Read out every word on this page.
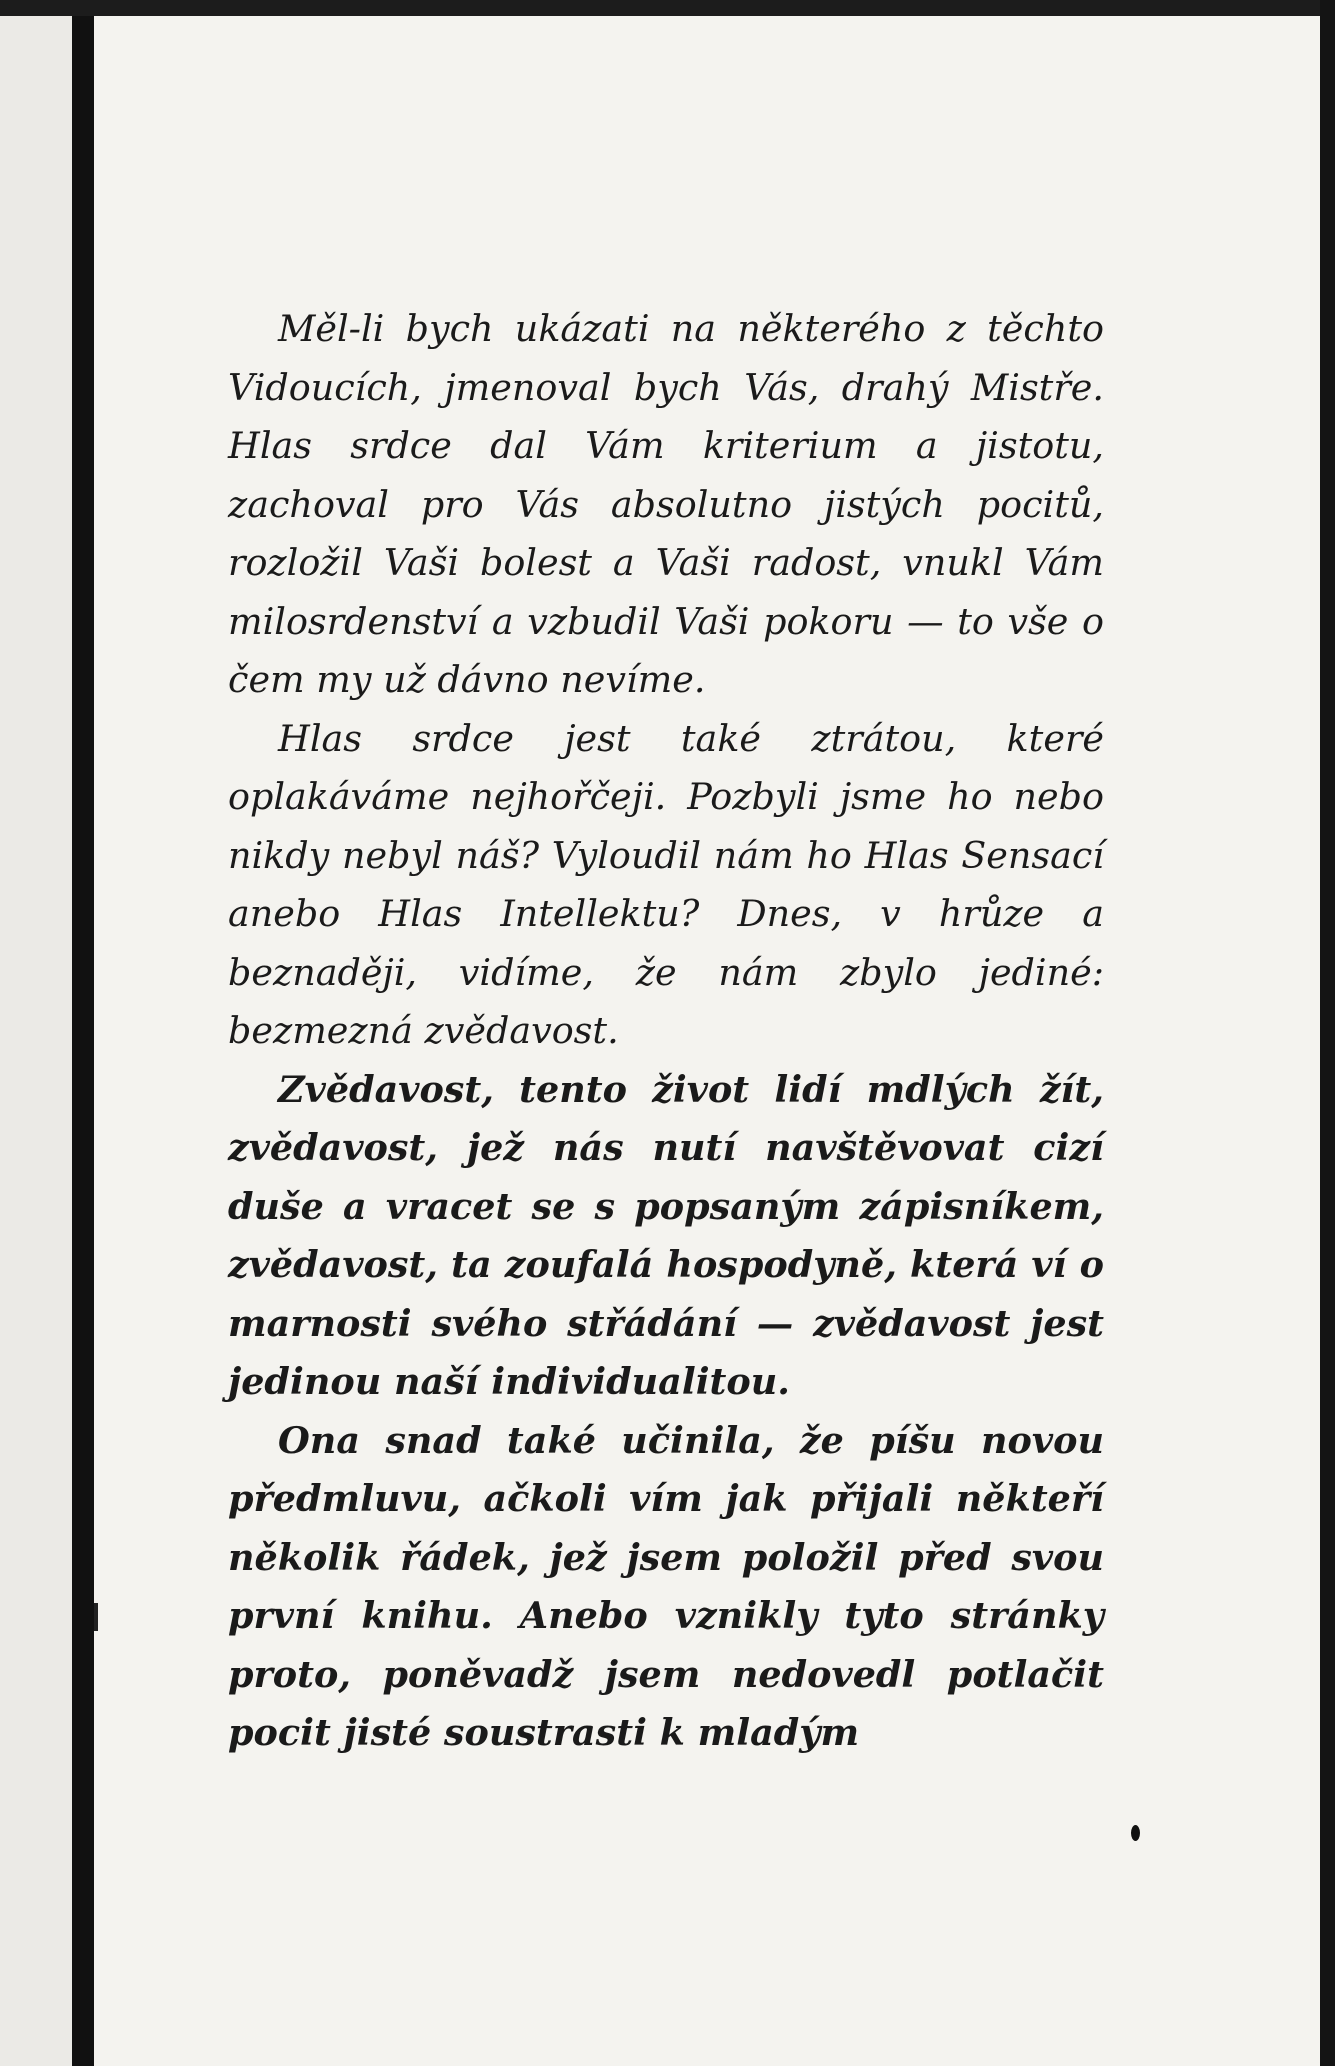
Měl-li bych ukázati na některého z těchto Vidoucích, jmenoval bych Vás, drahý Mistře. Hlas srdce dal Vám kriterium a jistotu, zachoval pro Vás absolutno jistých pocitů, rozložil Vaši bolest a Vaši radost, vnukl Vám milosrdenství a vzbudil Vaši pokoru — to vše o čem my už dávno nevíme.

Hlas srdce jest také ztrátou, které oplakáváme nejhořčeji. Pozbyli jsme ho nebo nikdy nebyl náš? Vyloudil nám ho Hlas Sensací anebo Hlas Intellektu? Dnes, v hrůze a beznaději, vidíme, že nám zbylo jediné: bezmezná zvědavost.

Zvědavost, tento život lidí mdlých žít, zvědavost, jež nás nutí navštěvovat cizí duše a vracet se s popsaným zápisníkem, zvědavost, ta zoufalá hospodyně, která ví o marnosti svého střádání — zvědavost jest jedinou naší individualitou.

Ona snad také učinila, že píšu novou předmluvu, ačkoli vím jak přijali někteří několik řádek, jež jsem položil před svou první knihu. Anebo vznikly tyto stránky proto, poněvadž jsem nedovedl potlačit pocit jisté soustrasti k mladým
